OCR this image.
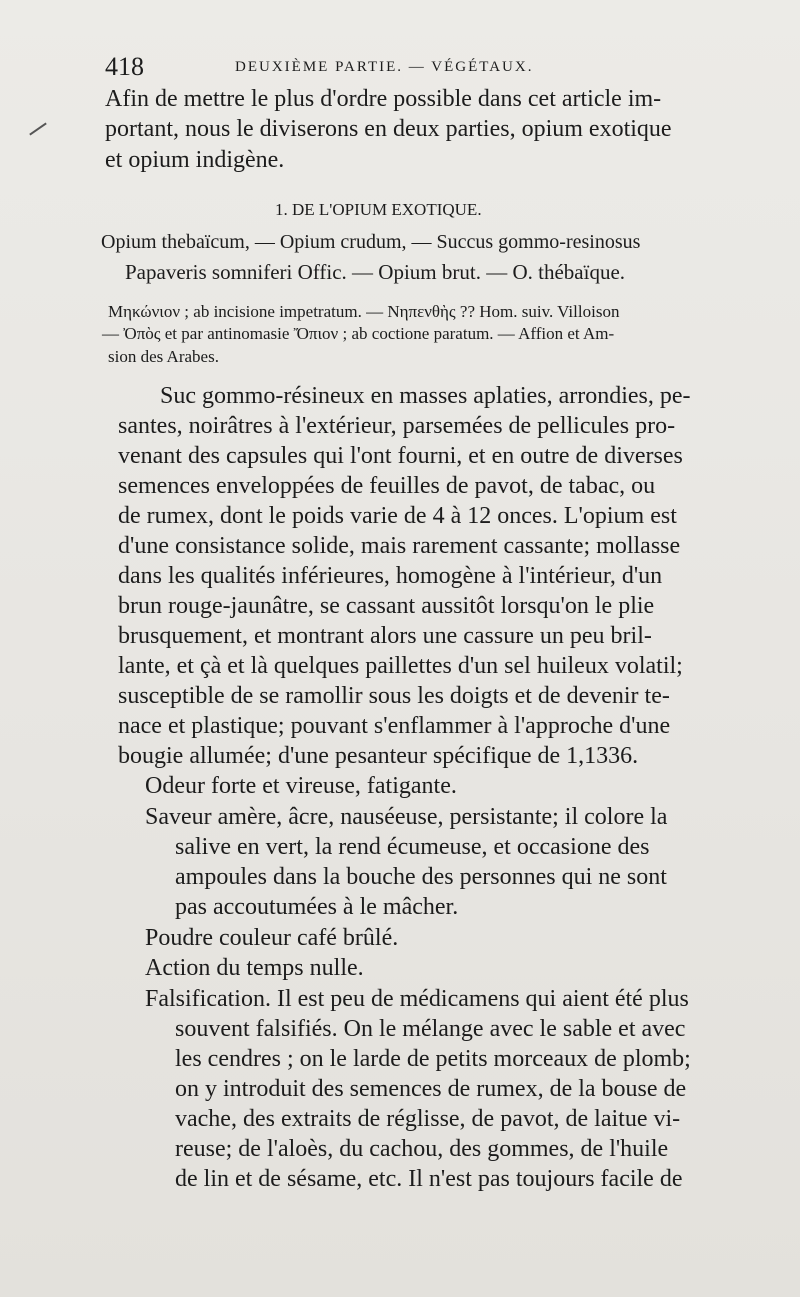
418	DEUXIÈME PARTIE. — VÉGÉTAUX.
Afin de mettre le plus d'ordre possible dans cet article im-
portant, nous le diviserons en deux parties, opium exotique
et opium indigène.
1. DE L'OPIUM EXOTIQUE.
Opium thebaïcum, — Opium crudum, — Succus gommo-resinosus
Papaveris somniferi Offic. — Opium brut. — O. thébaïque.
Μηκώνιον ; ab incisione impetratum. — Νηπενθὴς ?? Hom. suiv. Villoison
— Ὀπὸς et par antinomasie Ὄπιον ; ab coctione paratum. — Affion et Am-
sion des Arabes.
Suc gommo-résineux en masses aplaties, arrondies, pe-
santes, noirâtres à l'extérieur, parsemées de pellicules pro-
venant des capsules qui l'ont fourni, et en outre de diverses
semences enveloppées de feuilles de pavot, de tabac, ou
de rumex, dont le poids varie de 4 à 12 onces. L'opium est
d'une consistance solide, mais rarement cassante; mollasse
dans les qualités inférieures, homogène à l'intérieur, d'un
brun rouge-jaunâtre, se cassant aussitôt lorsqu'on le plie
brusquement, et montrant alors une cassure un peu bril-
lante, et çà et là quelques paillettes d'un sel huileux volatil;
susceptible de se ramollir sous les doigts et de devenir te-
nace et plastique; pouvant s'enflammer à l'approche d'une
bougie allumée; d'une pesanteur spécifique de 1,1336.
Odeur forte et vireuse, fatigante.
Saveur amère, âcre, nauséeuse, persistante; il colore la
salive en vert, la rend écumeuse, et occasione des
ampoules dans la bouche des personnes qui ne sont
pas accoutumées à le mâcher.
Poudre couleur café brûlé.
Action du temps nulle.
Falsification. Il est peu de médicamens qui aient été plus
souvent falsifiés. On le mélange avec le sable et avec
les cendres ; on le larde de petits morceaux de plomb;
on y introduit des semences de rumex, de la bouse de
vache, des extraits de réglisse, de pavot, de laitue vi-
reuse; de l'aloès, du cachou, des gommes, de l'huile
de lin et de sésame, etc. Il n'est pas toujours facile de
